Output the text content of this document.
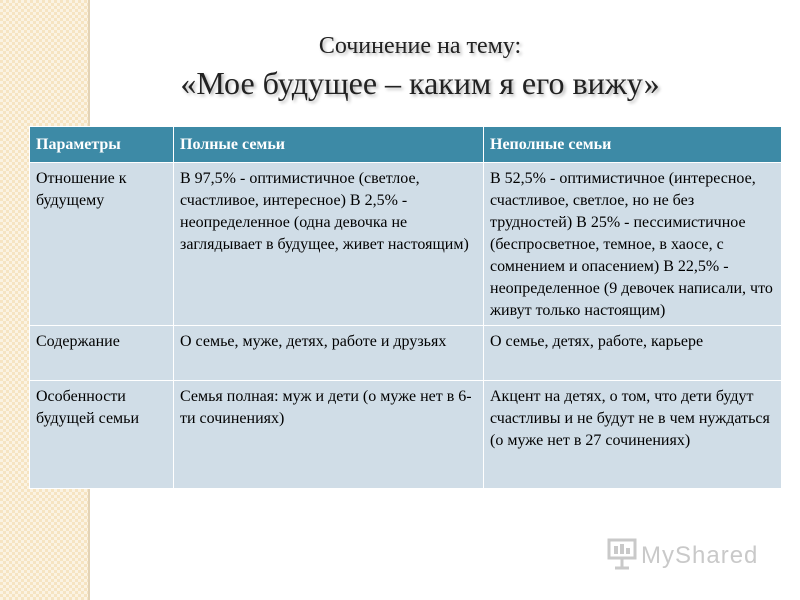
Сочинение на тему:
«Мое будущее – каким я его вижу»
Параметры	Полные семьи	Неполные семьи
Отношение к будущему	В 97,5% - оптимистичное (светлое, счастливое, интересное) В 2,5% - неопределенное (одна девочка не заглядывает в будущее, живет настоящим)	В 52,5% - оптимистичное (интересное, счастливое, светлое, но не без трудностей) В 25% - пессимистичное (беспросветное, темное, в хаосе, с сомнением и опасением) В 22,5% - неопределенное (9 девочек написали, что живут только настоящим)
Содержание	О семье, муже, детях, работе и друзьях	О семье, детях, работе, карьере
Особенности будущей семьи	Семья полная: муж и дети (о муже нет в 6-ти сочинениях)	Акцент на детях, о том, что дети будут счастливы и не будут не в чем нуждаться (о муже нет в 27 сочинениях)
MyShared
